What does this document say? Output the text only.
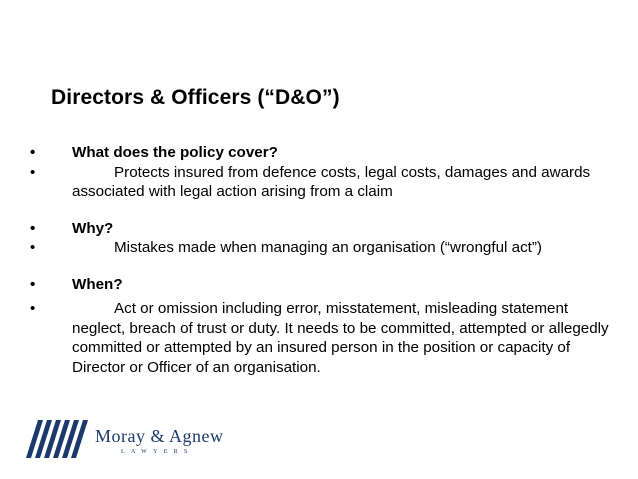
Directors & Officers (“D&O”)
• What does the policy cover?
•	Protects insured from defence costs, legal costs, damages and awards associated with legal action arising from a claim
• Why?
•	Mistakes made when managing an organisation (“wrongful act”)
• When?
•	Act or omission including error, misstatement, misleading statement neglect, breach of trust or duty. It needs to be committed, attempted or allegedly committed or attempted by an insured person in the position or capacity of Director or Officer of an organisation.
Moray & Agnew
LAWYERS
